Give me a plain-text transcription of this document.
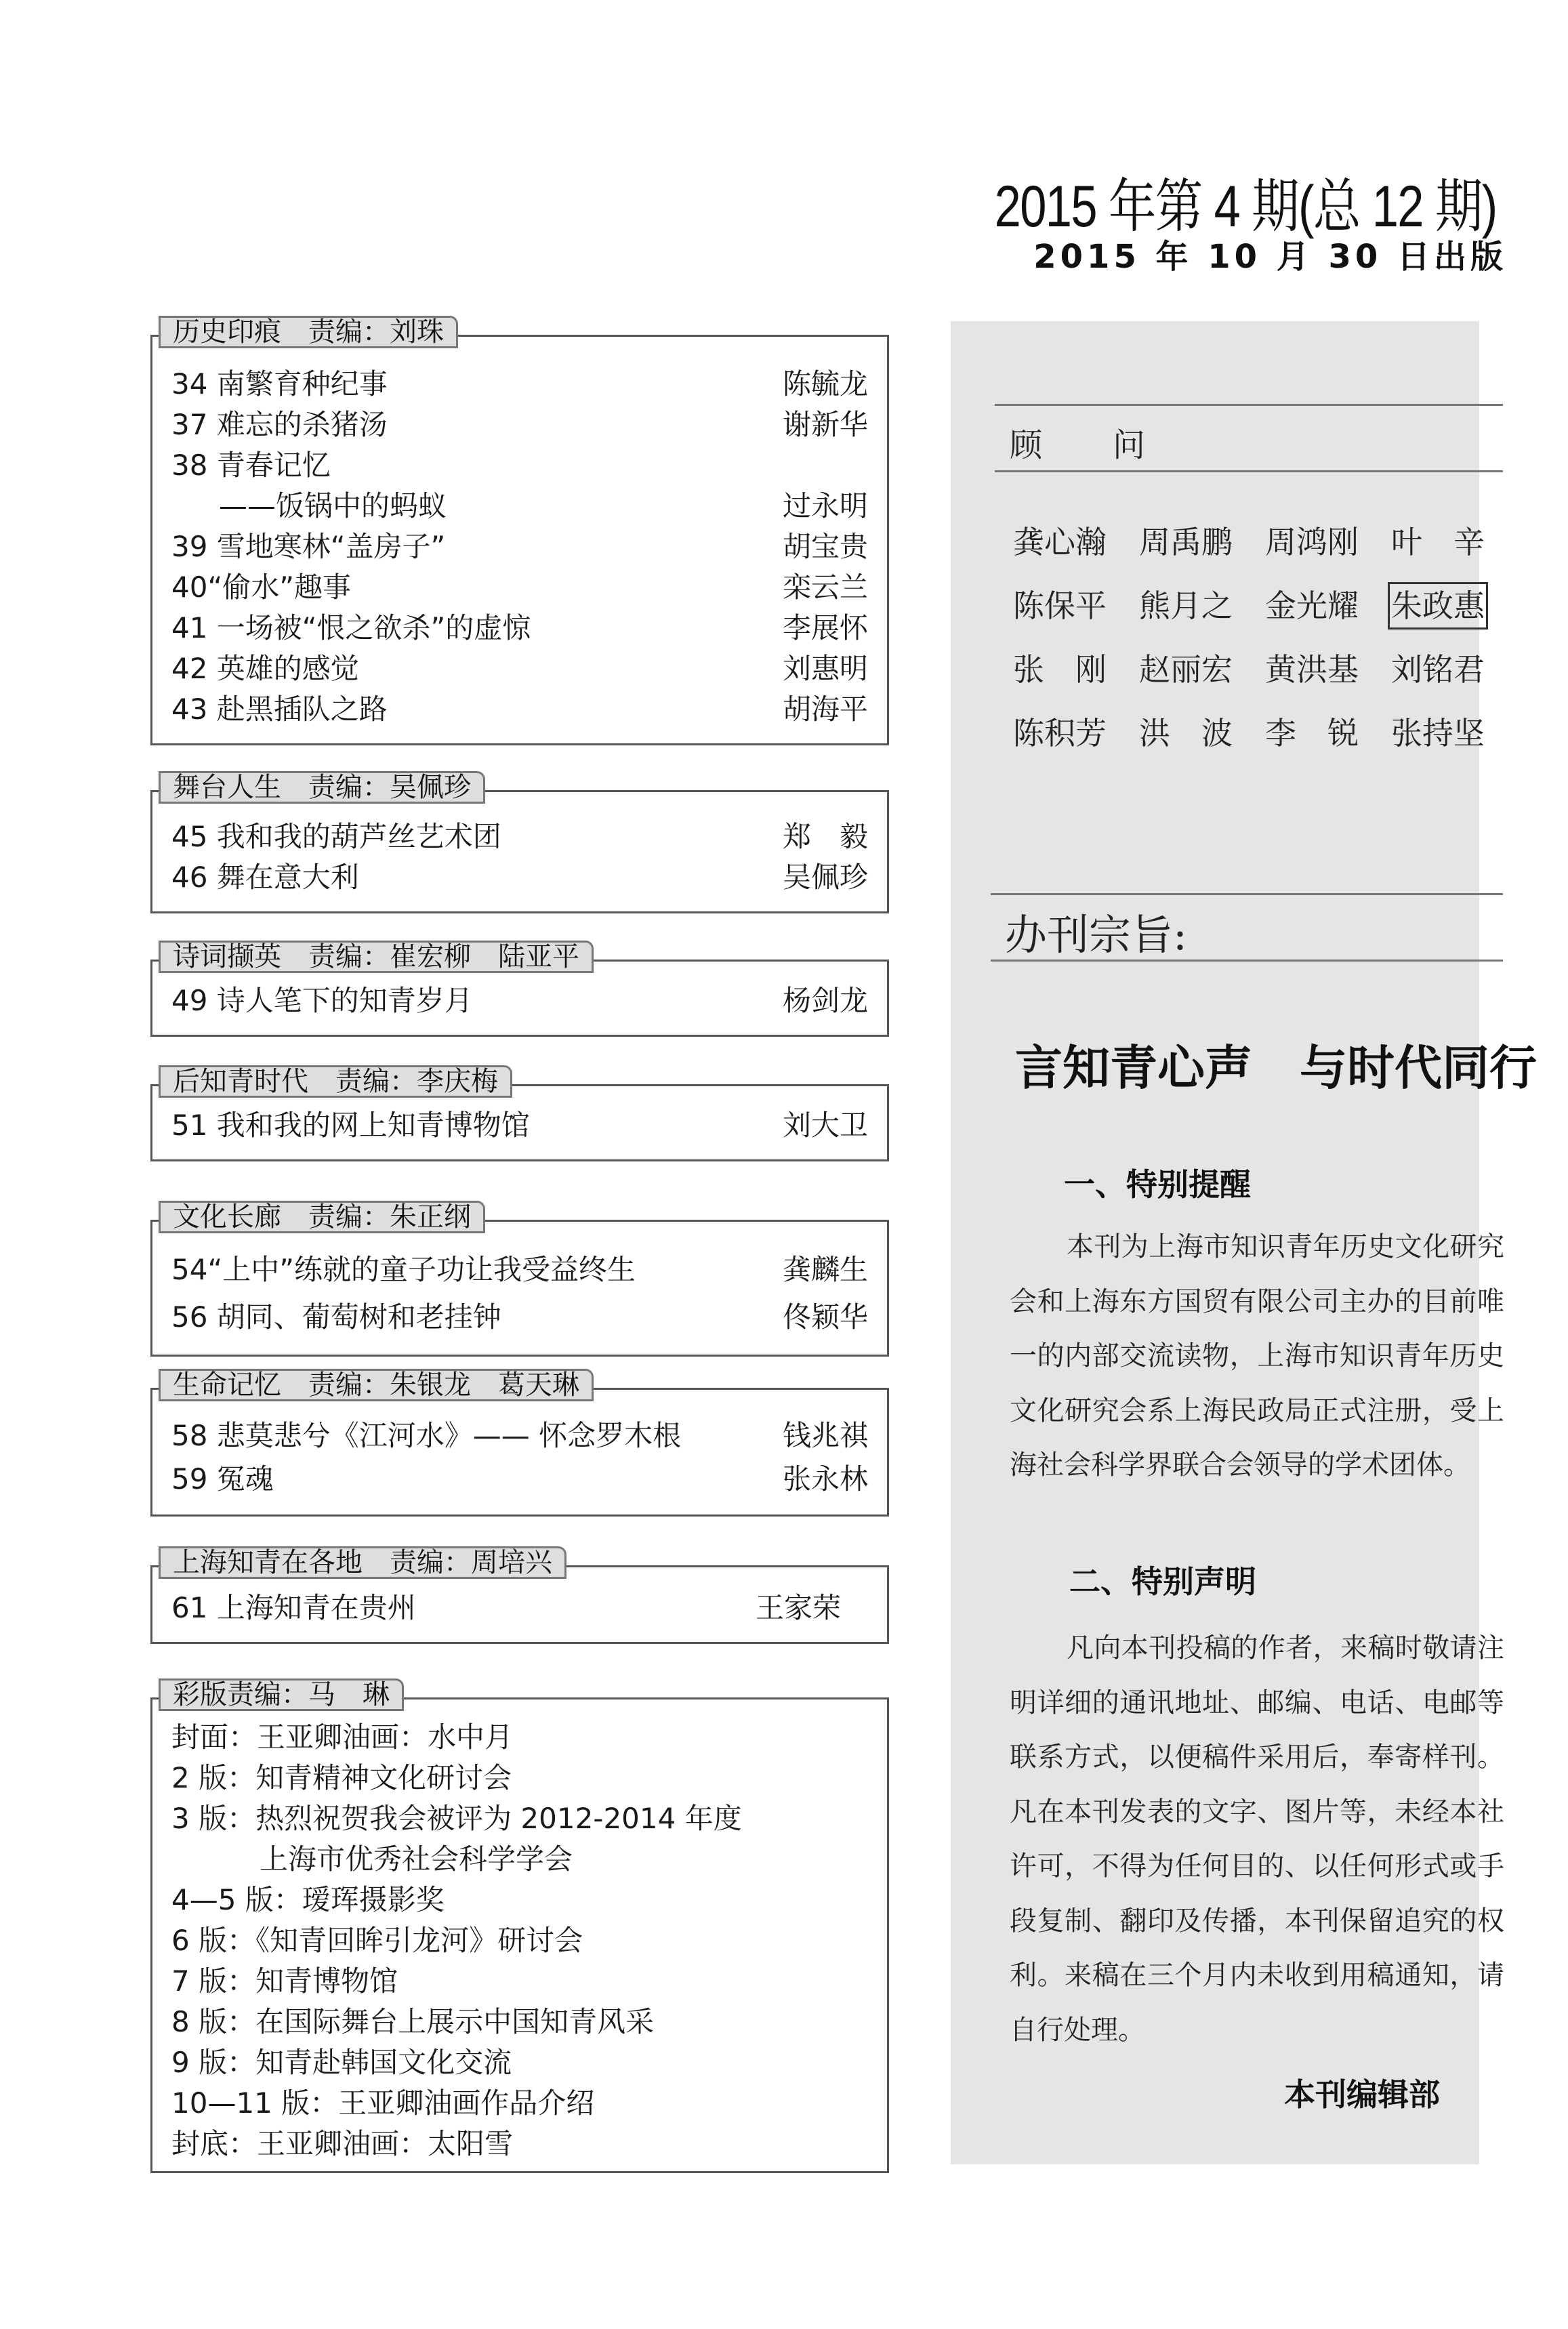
2015 年第 4 期(总 12 期)
2015 年 10 月 30 日出版
历史印痕　责编：刘珠
34 南繁育种纪事	陈毓龙
37 难忘的杀猪汤	谢新华
38 青春记忆
——饭锅中的蚂蚁	过永明
39 雪地寒林“盖房子”	胡宝贵
40“偷水”趣事	栾云兰
41 一场被“恨之欲杀”的虚惊	李展怀
42 英雄的感觉	刘惠明
43 赴黑插队之路	胡海平
舞台人生　责编：吴佩珍
45 我和我的葫芦丝艺术团	郑　毅
46 舞在意大利	吴佩珍
诗词撷英　责编：崔宏柳　陆亚平
49 诗人笔下的知青岁月	杨剑龙
后知青时代　责编：李庆梅
51 我和我的网上知青博物馆	刘大卫
文化长廊　责编：朱正纲
54“上中”练就的童子功让我受益终生	龚麟生
56 胡同、葡萄树和老挂钟	佟颖华
生命记忆　责编：朱银龙　葛天琳
58 悲莫悲兮《江河水》—— 怀念罗木根	钱兆祺
59 冤魂	张永林
上海知青在各地　责编：周培兴
61 上海知青在贵州	王家荣
彩版责编：马　琳
封面：王亚卿油画：水中月
2 版：知青精神文化研讨会
3 版：热烈祝贺我会被评为 2012-2014 年度
上海市优秀社会科学学会
4—5 版：瑷珲摄影奖
6 版：《知青回眸引龙河》研讨会
7 版：知青博物馆
8 版：在国际舞台上展示中国知青风采
9 版：知青赴韩国文化交流
10—11 版：王亚卿油画作品介绍
封底：王亚卿油画：太阳雪
顾　问
龚心瀚	周禹鹏	周鸿刚	叶　辛
陈保平	熊月之	金光耀	朱政惠
张　刚	赵丽宏	黄洪基	刘铭君
陈积芳	洪　波	李　锐	张持坚
办刊宗旨:
言知青心声　与时代同行
一、特别提醒
本刊为上海市知识青年历史文化研究会和上海东方国贸有限公司主办的目前唯一的内部交流读物，上海市知识青年历史文化研究会系上海民政局正式注册，受上海社会科学界联合会领导的学术团体。
二、特别声明
凡向本刊投稿的作者，来稿时敬请注明详细的通讯地址、邮编、电话、电邮等联系方式，以便稿件采用后，奉寄样刊。凡在本刊发表的文字、图片等，未经本社许可，不得为任何目的、以任何形式或手段复制、翻印及传播，本刊保留追究的权利。来稿在三个月内未收到用稿通知，请自行处理。
本刊编辑部
